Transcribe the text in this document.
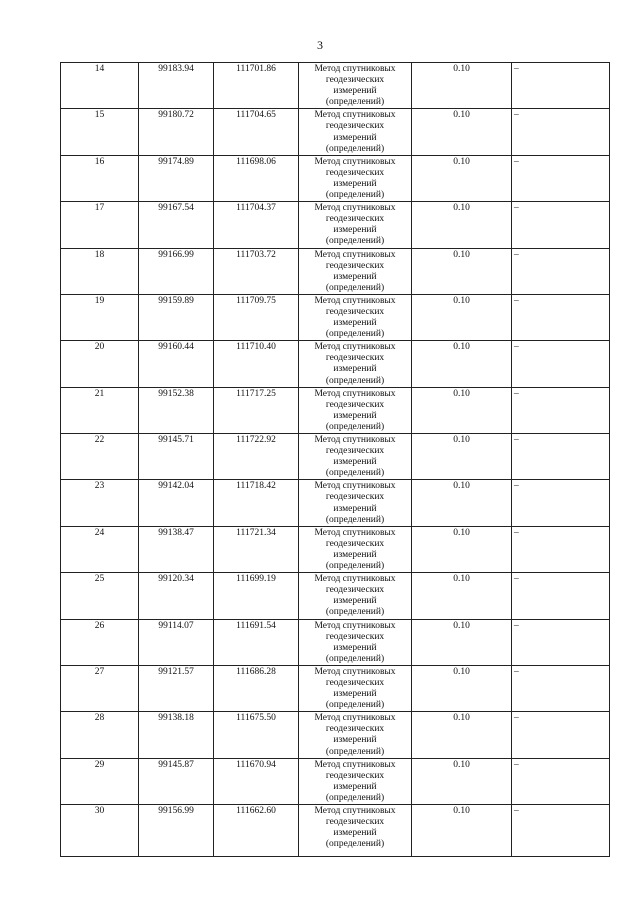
3
14	99183.94	111701.86	Метод спутниковых
геодезических
измерений
(определений)	0.10	–
15	99180.72	111704.65	Метод спутниковых
геодезических
измерений
(определений)	0.10	–
16	99174.89	111698.06	Метод спутниковых
геодезических
измерений
(определений)	0.10	–
17	99167.54	111704.37	Метод спутниковых
геодезических
измерений
(определений)	0.10	–
18	99166.99	111703.72	Метод спутниковых
геодезических
измерений
(определений)	0.10	–
19	99159.89	111709.75	Метод спутниковых
геодезических
измерений
(определений)	0.10	–
20	99160.44	111710.40	Метод спутниковых
геодезических
измерений
(определений)	0.10	–
21	99152.38	111717.25	Метод спутниковых
геодезических
измерений
(определений)	0.10	–
22	99145.71	111722.92	Метод спутниковых
геодезических
измерений
(определений)	0.10	–
23	99142.04	111718.42	Метод спутниковых
геодезических
измерений
(определений)	0.10	–
24	99138.47	111721.34	Метод спутниковых
геодезических
измерений
(определений)	0.10	–
25	99120.34	111699.19	Метод спутниковых
геодезических
измерений
(определений)	0.10	–
26	99114.07	111691.54	Метод спутниковых
геодезических
измерений
(определений)	0.10	–
27	99121.57	111686.28	Метод спутниковых
геодезических
измерений
(определений)	0.10	–
28	99138.18	111675.50	Метод спутниковых
геодезических
измерений
(определений)	0.10	–
29	99145.87	111670.94	Метод спутниковых
геодезических
измерений
(определений)	0.10	–
30	99156.99	111662.60	Метод спутниковых
геодезических
измерений
(определений)	0.10	–
